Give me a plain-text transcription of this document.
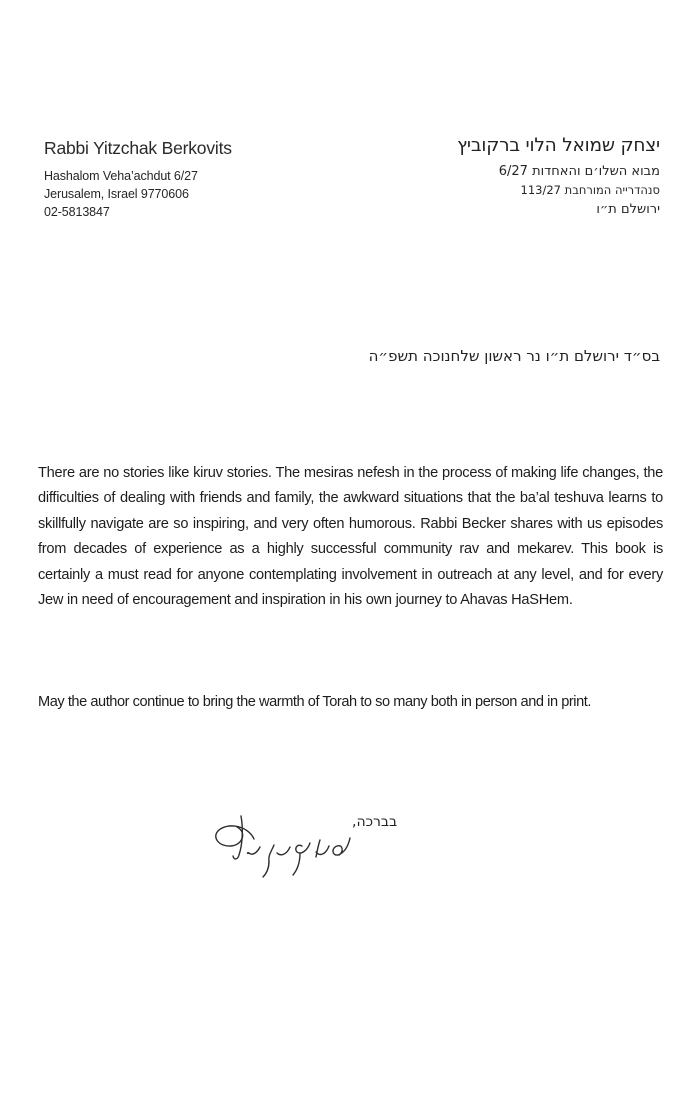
Rabbi Yitzchak Berkovits
Hashalom Veha’achdut 6/27
Jerusalem, Israel 9770606
02-5813847
יצחק שמואל הלוי ברקוביץ
מבוא השלו׳ם והאחדות 6/27
סנהדרייה המורחבת 113/27
ירושלם ת״ו
בס״ד ירושלם ת״ו נר ראשון שלחנוכה תשפ״ה
There are no stories like kiruv stories. The mesiras nefesh in the process of making life changes, the difficulties of dealing with friends and family, the awkward situations that the ba’al teshuva learns to skillfully navigate are so inspiring, and very often humorous. Rabbi Becker shares with us episodes from decades of experience as a highly successful community rav and mekarev. This book is certainly a must read for anyone contemplating involvement in outreach at any level, and for every Jew in need of encouragement and inspiration in his own journey to Ahavas HaSHem.
May the author continue to bring the warmth of Torah to so many both in person and in print.
בברכה,
